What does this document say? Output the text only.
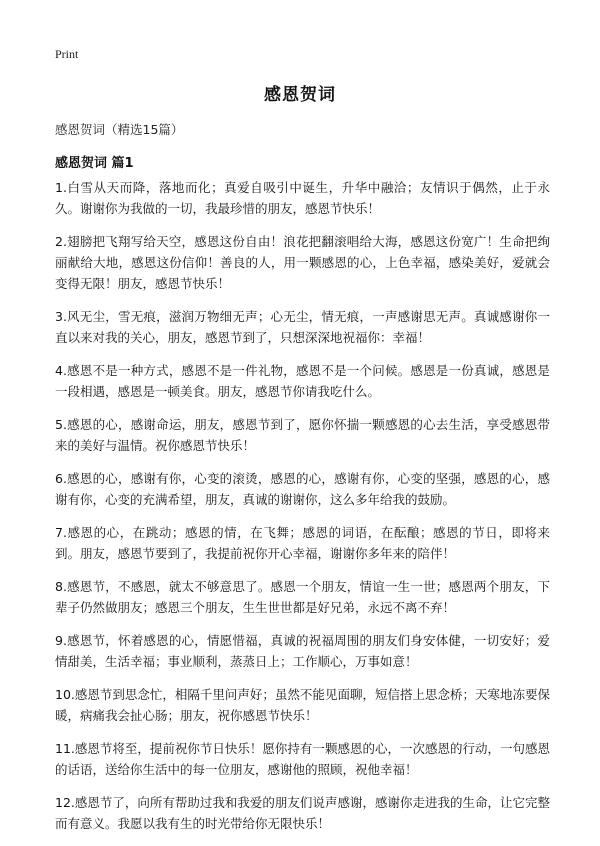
Print
感恩贺词
感恩贺词（精选15篇）
感恩贺词 篇1

1.白雪从天而降，落地而化；真爱自吸引中诞生，升华中融洽；友情识于偶然，止于永久。谢谢你为我做的一切，我最珍惜的朋友，感恩节快乐！

2.翅膀把飞翔写给天空，感恩这份自由！浪花把翻滚唱给大海，感恩这份宽广！生命把绚丽献给大地，感恩这份信仰！善良的人，用一颗感恩的心，上色幸福，感染美好，爱就会变得无限！朋友，感恩节快乐！

3.风无尘，雪无痕，滋润万物细无声；心无尘，情无痕，一声感谢思无声。真诚感谢你一直以来对我的关心，朋友，感恩节到了，只想深深地祝福你：幸福！

4.感恩不是一种方式，感恩不是一件礼物，感恩不是一个问候。感恩是一份真诚，感恩是一段相遇，感恩是一顿美食。朋友，感恩节你请我吃什么。

5.感恩的心，感谢命运，朋友，感恩节到了，愿你怀揣一颗感恩的心去生活，享受感恩带来的美好与温情。祝你感恩节快乐！

6.感恩的心，感谢有你，心变的滚烫，感恩的心，感谢有你，心变的坚强，感恩的心，感谢有你，心变的充满希望，朋友，真诚的谢谢你，这么多年给我的鼓励。

7.感恩的心，在跳动；感恩的情，在飞舞；感恩的词语，在酝酿；感恩的节日，即将来到。朋友，感恩节要到了，我提前祝你开心幸福，谢谢你多年来的陪伴！

8.感恩节，不感恩，就太不够意思了。感恩一个朋友，情谊一生一世；感恩两个朋友，下辈子仍然做朋友；感恩三个朋友，生生世世都是好兄弟，永远不离不弃！

9.感恩节，怀着感恩的心，情愿惜福，真诚的祝福周围的朋友们身安体健，一切安好；爱情甜美，生活幸福；事业顺利，蒸蒸日上；工作顺心，万事如意！

10.感恩节到思念忙，相隔千里问声好；虽然不能见面聊，短信搭上思念桥；天寒地冻要保暖，病痛我会扯心肠；朋友，祝你感恩节快乐！

11.感恩节将至，提前祝你节日快乐！愿你持有一颗感恩的心，一次感恩的行动，一句感恩的话语，送给你生活中的每一位朋友，感谢他的照顾，祝他幸福！

12.感恩节了，向所有帮助过我和我爱的朋友们说声感谢，感谢你走进我的生命，让它完整而有意义。我愿以我有生的时光带给你无限快乐！
